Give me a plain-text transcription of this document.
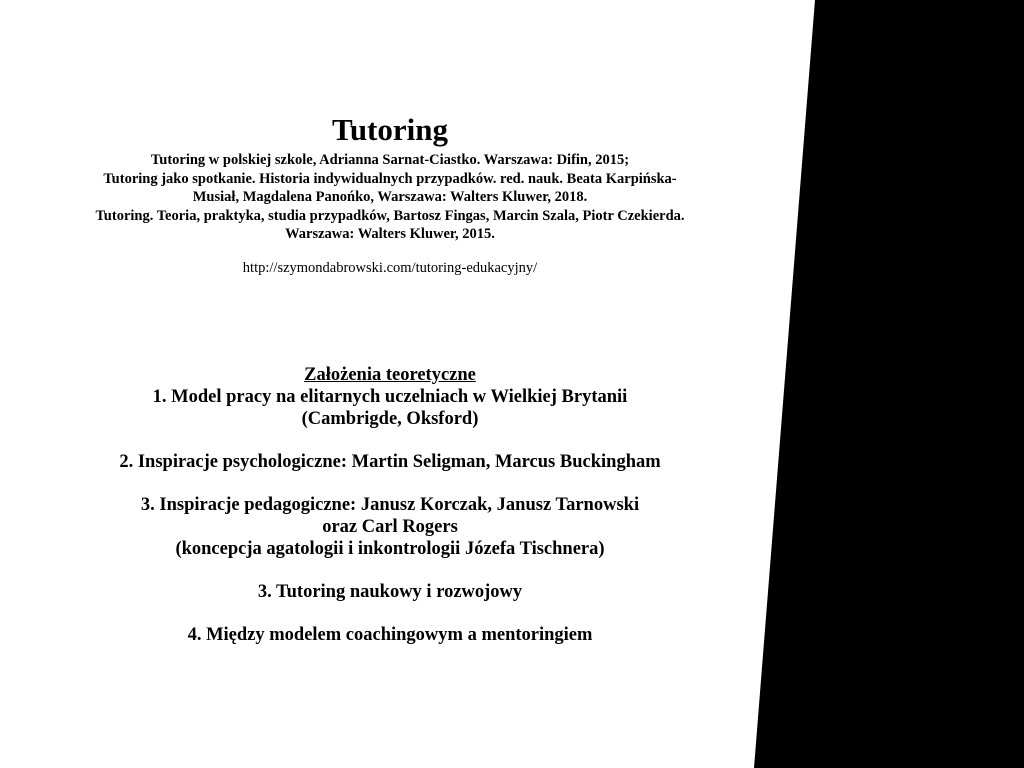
Tutoring
Tutoring w polskiej szkole, Adrianna Sarnat-Ciastko. Warszawa: Difin, 2015;
Tutoring jako spotkanie. Historia indywidualnych przypadków. red. nauk. Beata Karpińska-
Musiał, Magdalena Panońko, Warszawa: Walters Kluwer, 2018.
Tutoring. Teoria, praktyka, studia przypadków, Bartosz Fingas, Marcin Szala, Piotr Czekierda.
Warszawa: Walters Kluwer, 2015.
http://szymondabrowski.com/tutoring-edukacyjny/
Założenia teoretyczne
1. Model pracy na elitarnych uczelniach w Wielkiej Brytanii
(Cambrigde, Oksford)
2. Inspiracje psychologiczne: Martin Seligman, Marcus Buckingham
3. Inspiracje pedagogiczne: Janusz Korczak, Janusz Tarnowski
oraz Carl Rogers
(koncepcja agatologii i inkontrologii Józefa Tischnera)
3. Tutoring naukowy i rozwojowy
4. Między modelem coachingowym a mentoringiem
